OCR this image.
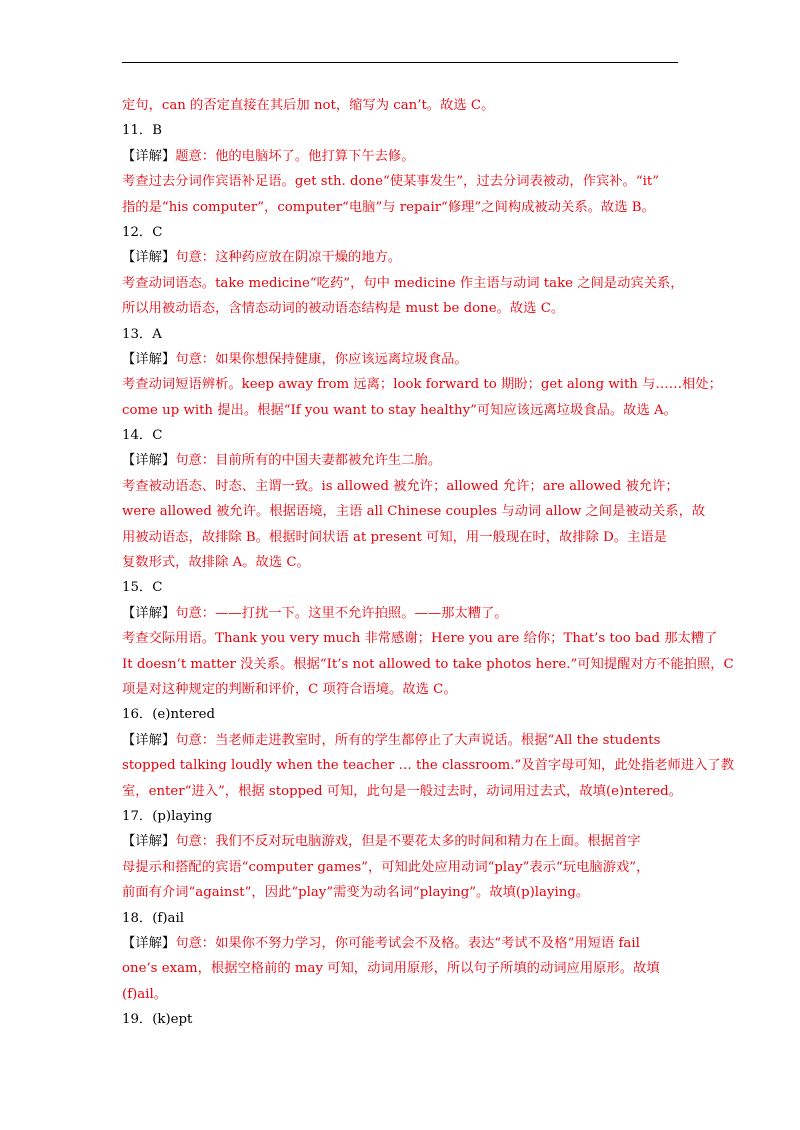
定句，can 的否定直接在其后加 not，缩写为 can’t。故选 C。
11．B
【详解】题意：他的电脑坏了。他打算下午去修。
考查过去分词作宾语补足语。get sth. done“使某事发生”，过去分词表被动，作宾补。“it”
指的是“his computer”，computer“电脑”与 repair“修理”之间构成被动关系。故选 B。
12．C
【详解】句意：这种药应放在阴凉干燥的地方。
考查动词语态。take medicine“吃药”，句中 medicine 作主语与动词 take 之间是动宾关系，
所以用被动语态，含情态动词的被动语态结构是 must be done。故选 C。
13．A
【详解】句意：如果你想保持健康，你应该远离垃圾食品。
考查动词短语辨析。keep away from 远离；look forward to 期盼；get along with 与……相处；
come up with 提出。根据“If you want to stay healthy”可知应该远离垃圾食品。故选 A。
14．C
【详解】句意：目前所有的中国夫妻都被允许生二胎。
考查被动语态、时态、主谓一致。is allowed 被允许；allowed 允许；are allowed 被允许；
were allowed 被允许。根据语境，主语 all Chinese couples 与动词 allow 之间是被动关系，故
用被动语态，故排除 B。根据时间状语 at present 可知，用一般现在时，故排除 D。主语是
复数形式，故排除 A。故选 C。
15．C
【详解】句意：——打扰一下。这里不允许拍照。——那太糟了。
考查交际用语。Thank you very much 非常感谢；Here you are 给你；That’s too bad 那太糟了
It doesn’t matter 没关系。根据“It’s not allowed to take photos here.”可知提醒对方不能拍照，C
项是对这种规定的判断和评价，C 项符合语境。故选 C。
16．(e)ntered
【详解】句意：当老师走进教室时，所有的学生都停止了大声说话。根据“All the students
stopped talking loudly when the teacher … the classroom.”及首字母可知，此处指老师进入了教
室，enter“进入”，根据 stopped 可知，此句是一般过去时，动词用过去式，故填(e)ntered。
17．(p)laying
【详解】句意：我们不反对玩电脑游戏，但是不要花太多的时间和精力在上面。根据首字
母提示和搭配的宾语“computer games”，可知此处应用动词“play”表示“玩电脑游戏”，
前面有介词“against”，因此“play”需变为动名词“playing”。故填(p)laying。
18．(f)ail
【详解】句意：如果你不努力学习，你可能考试会不及格。表达“考试不及格”用短语 fail
one’s exam，根据空格前的 may 可知，动词用原形，所以句子所填的动词应用原形。故填
(f)ail。
19．(k)ept
